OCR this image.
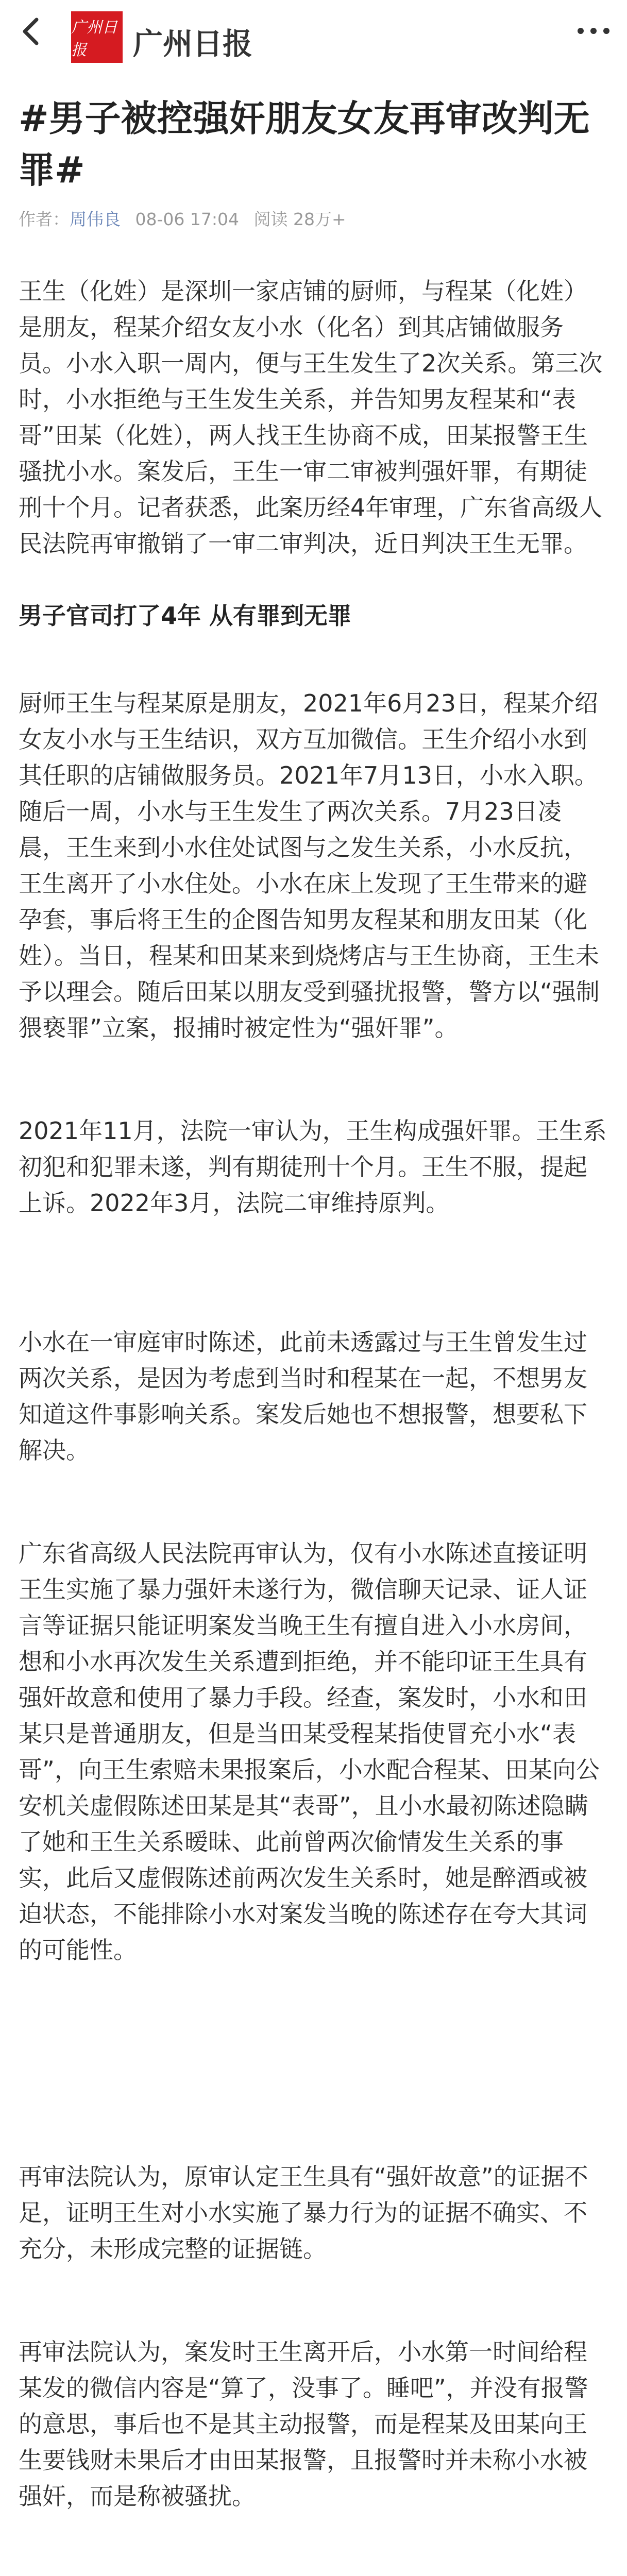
广州日报	广州日报
#男子被控强奸朋友女友再审改判无罪#
作者：周伟良 08-06 17:04 阅读 28万+

王生（化姓）是深圳一家店铺的厨师，与程某（化姓）是朋友，程某介绍女友小水（化名）到其店铺做服务员。小水入职一周内，便与王生发生了2次关系。第三次时，小水拒绝与王生发生关系，并告知男友程某和“表哥”田某（化姓），两人找王生协商不成，田某报警王生骚扰小水。案发后，王生一审二审被判强奸罪，有期徒刑十个月。记者获悉，此案历经4年审理，广东省高级人民法院再审撤销了一审二审判决，近日判决王生无罪。

男子官司打了4年 从有罪到无罪

厨师王生与程某原是朋友，2021年6月23日，程某介绍女友小水与王生结识，双方互加微信。王生介绍小水到其任职的店铺做服务员。2021年7月13日，小水入职。随后一周，小水与王生发生了两次关系。7月23日凌晨，王生来到小水住处试图与之发生关系，小水反抗，王生离开了小水住处。小水在床上发现了王生带来的避孕套，事后将王生的企图告知男友程某和朋友田某（化姓）。当日，程某和田某来到烧烤店与王生协商，王生未予以理会。随后田某以朋友受到骚扰报警，警方以“强制猥亵罪”立案，报捕时被定性为“强奸罪”。

2021年11月，法院一审认为，王生构成强奸罪。王生系初犯和犯罪未遂，判有期徒刑十个月。王生不服，提起上诉。2022年3月，法院二审维持原判。

小水在一审庭审时陈述，此前未透露过与王生曾发生过两次关系，是因为考虑到当时和程某在一起，不想男友知道这件事影响关系。案发后她也不想报警，想要私下解决。

广东省高级人民法院再审认为，仅有小水陈述直接证明王生实施了暴力强奸未遂行为，微信聊天记录、证人证言等证据只能证明案发当晚王生有擅自进入小水房间，想和小水再次发生关系遭到拒绝，并不能印证王生具有强奸故意和使用了暴力手段。经查，案发时，小水和田某只是普通朋友，但是当田某受程某指使冒充小水“表哥”，向王生索赔未果报案后，小水配合程某、田某向公安机关虚假陈述田某是其“表哥”，且小水最初陈述隐瞒了她和王生关系暧昧、此前曾两次偷情发生关系的事实，此后又虚假陈述前两次发生关系时，她是醉酒或被迫状态，不能排除小水对案发当晚的陈述存在夸大其词的可能性。

再审法院认为，原审认定王生具有“强奸故意”的证据不足，证明王生对小水实施了暴力行为的证据不确实、不充分，未形成完整的证据链。

再审法院认为，案发时王生离开后，小水第一时间给程某发的微信内容是“算了，没事了。睡吧”，并没有报警的意思，事后也不是其主动报警，而是程某及田某向王生要钱财未果后才由田某报警，且报警时并未称小水被强奸，而是称被骚扰。
